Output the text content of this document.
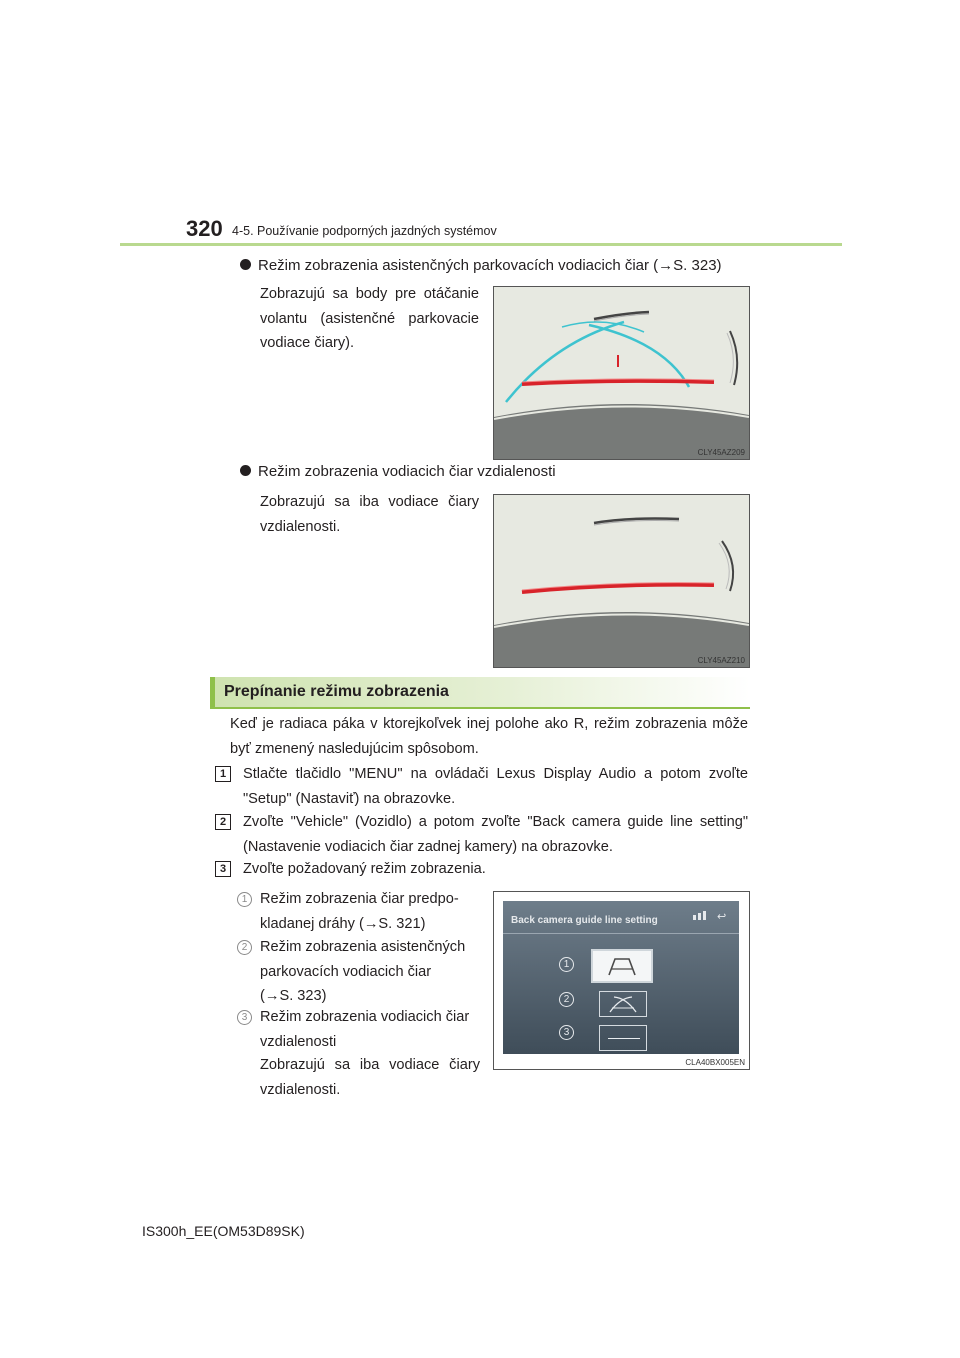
320 4-5. Používanie podporných jazdných systémov
Režim zobrazenia asistenčných parkovacích vodiacich čiar (→S. 323)
Zobrazujú sa body pre otáčanie volantu (asistenčné parkovacie vodiace čiary).
CLY45AZ209
Režim zobrazenia vodiacich čiar vzdialenosti
Zobrazujú sa iba vodiace čiary vzdialenosti.
CLY45AZ210
Prepínanie režimu zobrazenia
Keď je radiaca páka v ktorejkoľvek inej polohe ako R, režim zobrazenia môže byť zmenený nasledujúcim spôsobom.
1	Stlačte tlačidlo "MENU" na ovládači Lexus Display Audio a potom zvoľte "Setup" (Nastaviť) na obrazovke.
2	Zvoľte "Vehicle" (Vozidlo) a potom zvoľte "Back camera guide line setting" (Nastavenie vodiacich čiar zadnej kamery) na obrazovke.
3	Zvoľte požadovaný režim zobrazenia.
1 Režim zobrazenia čiar predpo-
kladanej dráhy (→S. 321)
2 Režim zobrazenia asistenčných
parkovacích vodiacich čiar
(→S. 323)
3 Režim zobrazenia vodiacich čiar
vzdialenosti
Zobrazujú sa iba vodiace čiary vzdialenosti.
Back camera guide line setting	↩
1
2
3
CLA40BX005EN
IS300h_EE(OM53D89SK)
